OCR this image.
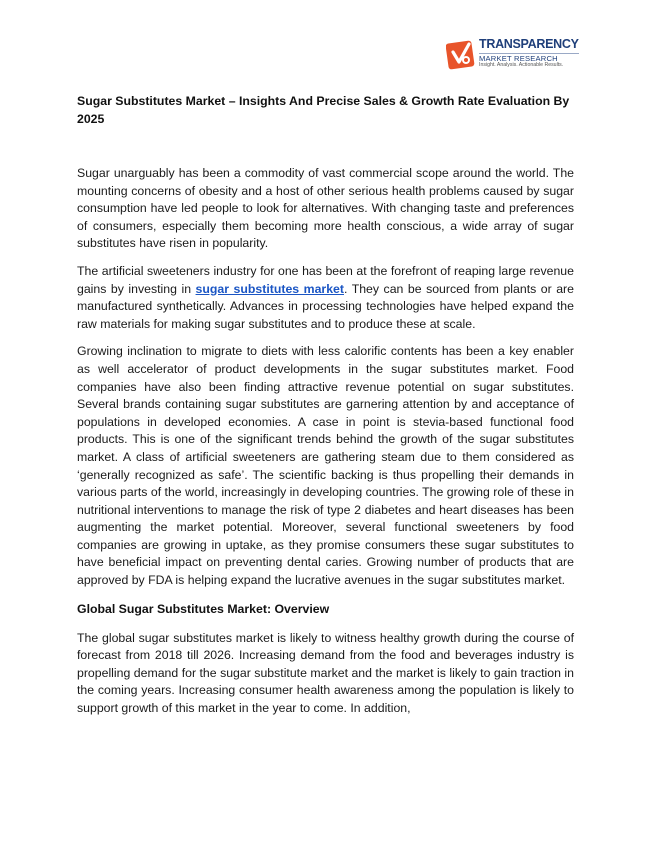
TRANSPARENCY
MARKET RESEARCH
Insight. Analysis. Actionable Results.
Sugar Substitutes Market – Insights And Precise Sales & Growth Rate Evaluation By 2025

Sugar unarguably has been a commodity of vast commercial scope around the world. The mounting concerns of obesity and a host of other serious health problems caused by sugar consumption have led people to look for alternatives. With changing taste and preferences of consumers, especially them becoming more health conscious, a wide array of sugar substitutes have risen in popularity.

The artificial sweeteners industry for one has been at the forefront of reaping large revenue gains by investing in sugar substitutes market. They can be sourced from plants or are manufactured synthetically. Advances in processing technologies have helped expand the raw materials for making sugar substitutes and to produce these at scale.

Growing inclination to migrate to diets with less calorific contents has been a key enabler as well accelerator of product developments in the sugar substitutes market. Food companies have also been finding attractive revenue potential on sugar substitutes. Several brands containing sugar substitutes are garnering attention by and acceptance of populations in developed economies. A case in point is stevia-based functional food products. This is one of the significant trends behind the growth of the sugar substitutes market. A class of artificial sweeteners are gathering steam due to them considered as ‘generally recognized as safe’. The scientific backing is thus propelling their demands in various parts of the world, increasingly in developing countries. The growing role of these in nutritional interventions to manage the risk of type 2 diabetes and heart diseases has been augmenting the market potential. Moreover, several functional sweeteners by food companies are growing in uptake, as they promise consumers these sugar substitutes to have beneficial impact on preventing dental caries. Growing number of products that are approved by FDA is helping expand the lucrative avenues in the sugar substitutes market.

Global Sugar Substitutes Market: Overview

The global sugar substitutes market is likely to witness healthy growth during the course of forecast from 2018 till 2026. Increasing demand from the food and beverages industry is propelling demand for the sugar substitute market and the market is likely to gain traction in the coming years. Increasing consumer health awareness among the population is likely to support growth of this market in the year to come. In addition,
